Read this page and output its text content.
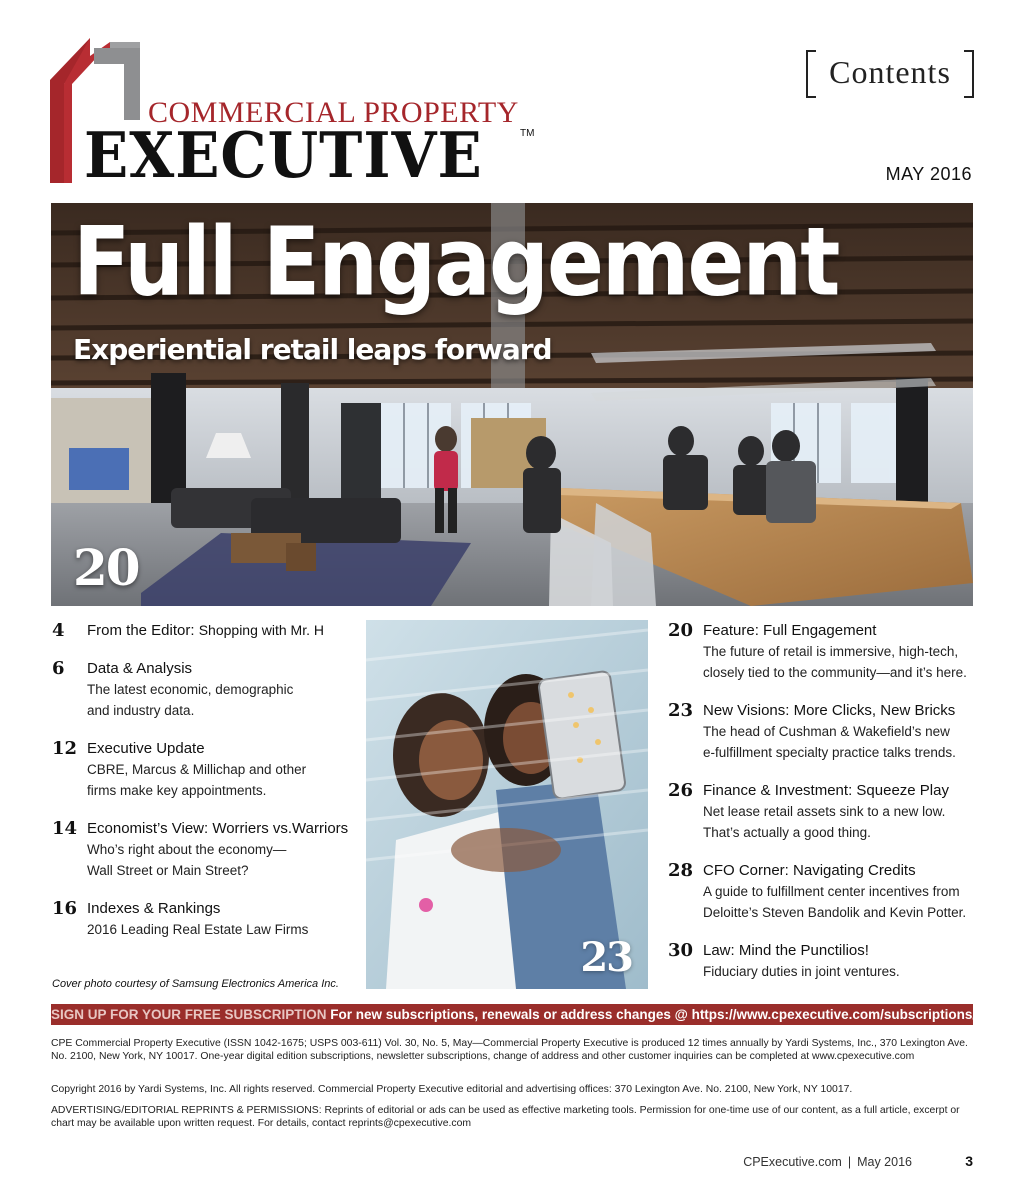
COMMERCIAL PROPERTY
EXECUTIVE	TM
Contents
MAY 2016
Full Engagement
Experiential retail leaps forward
20
4	From the Editor: Shopping with Mr. H
6	Data & Analysis
The latest economic, demographic
and industry data.
12 Executive Update
CBRE, Marcus & Millichap and other
firms make key appointments.
14 Economist’s View: Worriers vs.Warriors
Who’s right about the economy—
Wall Street or Main Street?
16 Indexes & Rankings
2016 Leading Real Estate Law Firms
Cover photo courtesy of Samsung Electronics America Inc.
23
20 Feature: Full Engagement
The future of retail is immersive, high-tech,
closely tied to the community—and it’s here.
23 New Visions: More Clicks, New Bricks
The head of Cushman & Wakefield’s new
e-fulfillment specialty practice talks trends.
26 Finance & Investment: Squeeze Play
Net lease retail assets sink to a new low.
That’s actually a good thing.
28 CFO Corner: Navigating Credits
A guide to fulfillment center incentives from
Deloitte’s Steven Bandolik and Kevin Potter.
30 Law: Mind the Punctilios!
Fiduciary duties in joint ventures.
SIGN UP FOR YOUR FREE SUBSCRIPTION For new subscriptions, renewals or address changes @ https://www.cpexecutive.com/subscriptions/
CPE Commercial Property Executive (ISSN 1042-1675; USPS 003-611) Vol. 30, No. 5, May—Commercial Property Executive is produced 12 times annually by Yardi Systems, Inc., 370 Lexington Ave. No. 2100, New York, NY 10017. One-year digital edition subscriptions, newsletter subscriptions, change of address and other customer inquiries can be completed at www.cpexecutive.com
Copyright 2016 by Yardi Systems, Inc. All rights reserved. Commercial Property Executive editorial and advertising offices: 370 Lexington Ave. No. 2100, New York, NY 10017.
ADVERTISING/EDITORIAL REPRINTS & PERMISSIONS: Reprints of editorial or ads can be used as effective marketing tools. Permission for one-time use of our content, as a full article, excerpt or chart may be available upon written request. For details, contact reprints@cpexecutive.com
CPExecutive.com | May 2016	3
